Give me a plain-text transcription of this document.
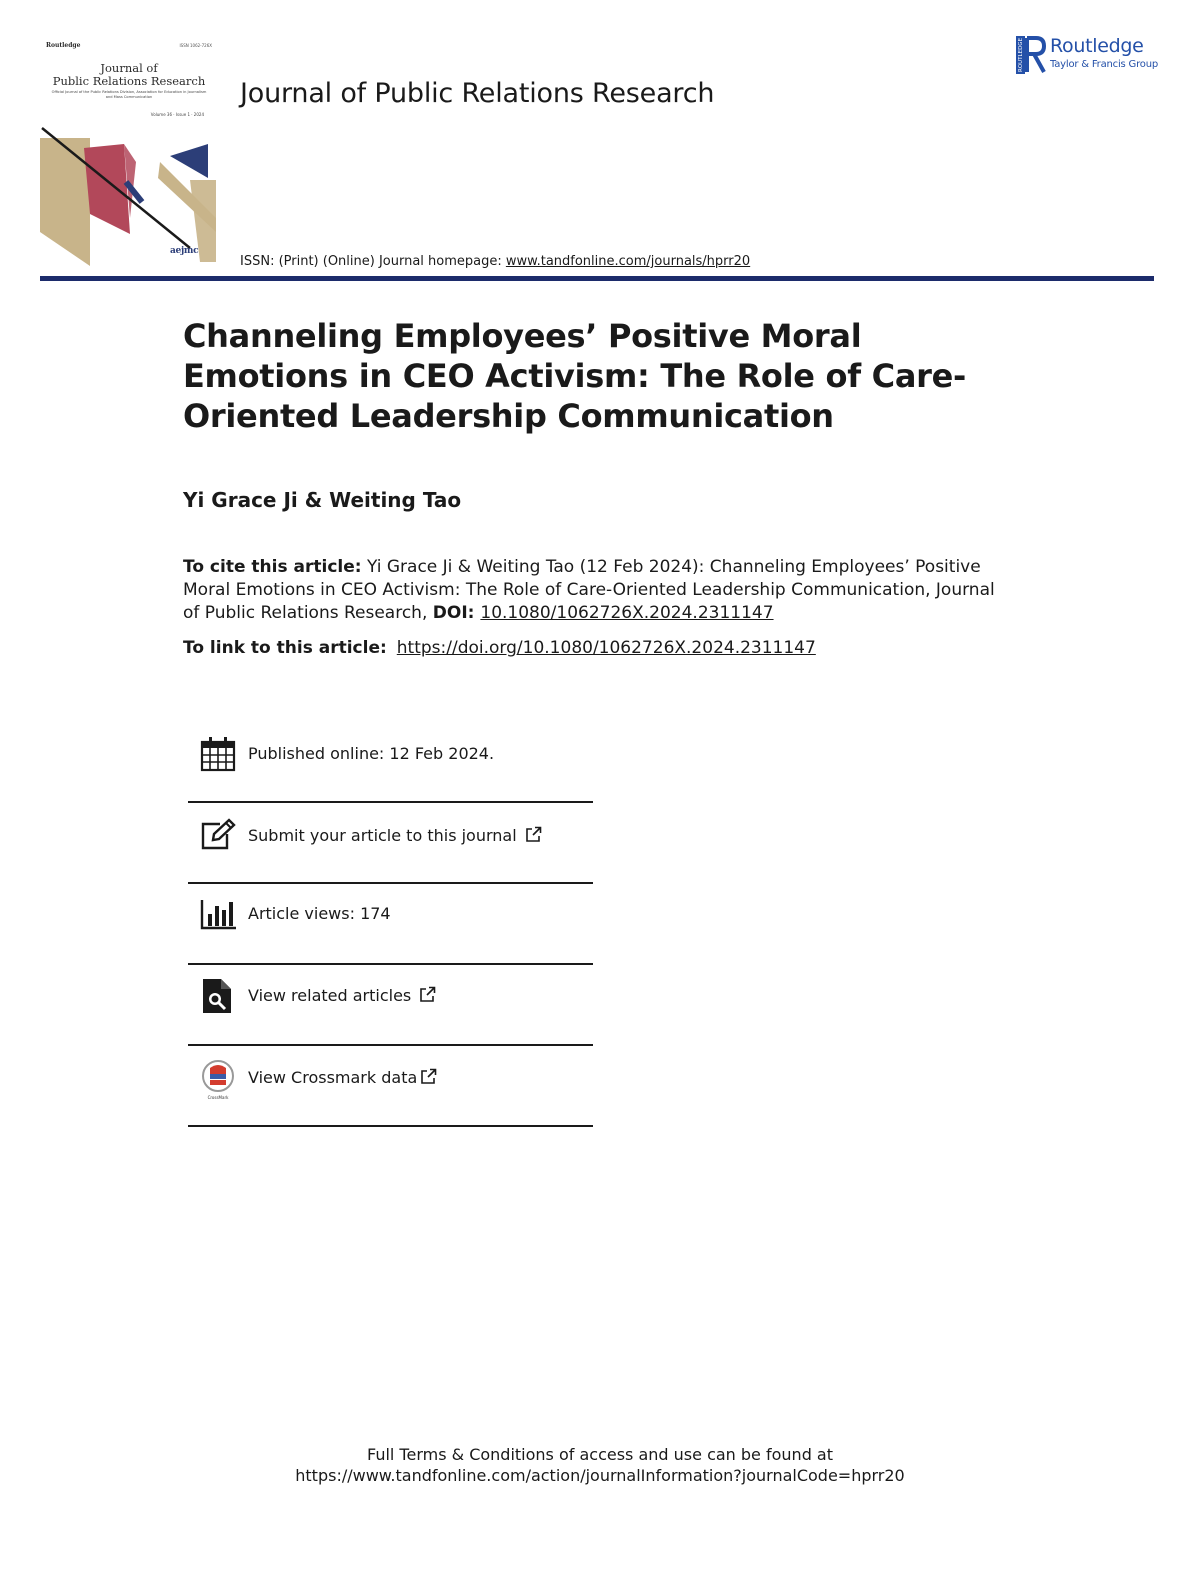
Routledge	ISSN 1062-726X
Journal of
Public Relations Research
Official Journal of the Public Relations Division, Association for Education in Journalism and Mass Communication
Volume 36 · Issue 1 · 2024
aejmc
Journal of Public Relations Research
ISSN: (Print) (Online) Journal homepage: www.tandfonline.com/journals/hprr20
ROUTLEDGE Routledge
Taylor & Francis Group
Channeling Employees’ Positive Moral Emotions in CEO Activism: The Role of Care-Oriented Leadership Communication
Yi Grace Ji & Weiting Tao
To cite this article: Yi Grace Ji & Weiting Tao (12 Feb 2024): Channeling Employees’ Positive Moral Emotions in CEO Activism: The Role of Care-Oriented Leadership Communication, Journal of Public Relations Research, DOI: 10.1080/1062726X.2024.2311147
To link to this article: https://doi.org/10.1080/1062726X.2024.2311147
Published online: 12 Feb 2024.
Submit your article to this journal
Article views: 174
View related articles
CrossMark
View Crossmark data
Full Terms & Conditions of access and use can be found at
https://www.tandfonline.com/action/journalInformation?journalCode=hprr20
